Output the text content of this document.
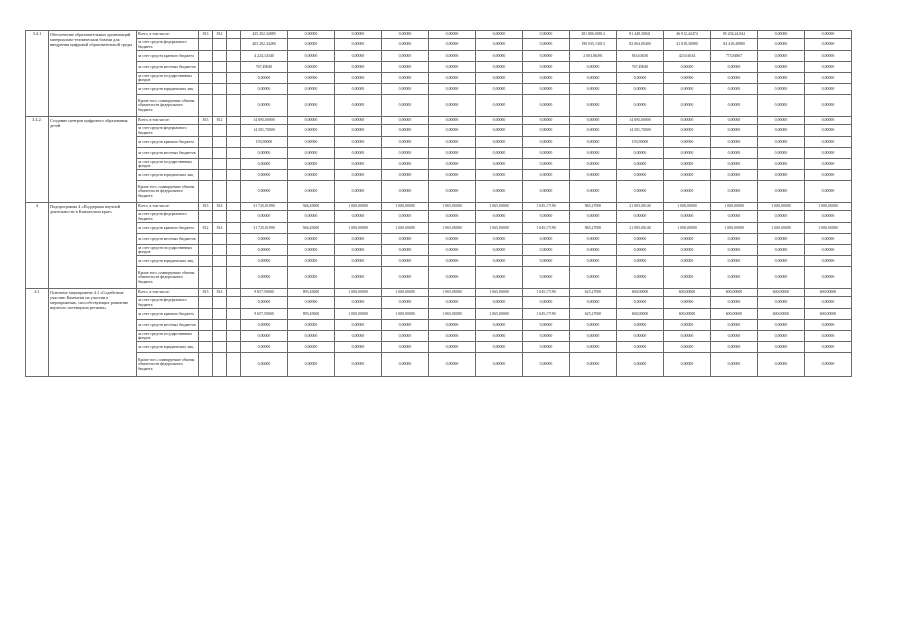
3.4.1	Обеспечение образовательных организаций материально-техническим базами для внедрения цифровой образовательной среды	Всего, в том числе:	813	812		435 202,34085	0,00000	0,00000	0,00000	0,00000	0,00000	0,00000	281 806,00814	81 448,30841	46 912,42474	85 204,24,842	0,00000	0,00000
		за счет средств федерального бюджета				403 202,34280	0,00000	0,00000	0,00000	0,00000	0,00000	0,00000	190 035,13013	82 064,00400	41 818,30880	84 418,40880	0,00000	0,00000
		за счет средств краевого бюджета				4 224,14340	0,00000	0,00000	0,00000	0,00000	0,00000	0,00000	2 003,86491	816,63030	423,61634	775,84867	0,00000	0,00000
		за счет средств местных бюджетов				767,49640	0,00000	0,00000	0,00000	0,00000	0,00000	0,00000	0,00000	767,49640	0,00000	0,00000	0,00000	0,00000
		за счет средств государственных фондов				0,00000	0,00000	0,00000	0,00000	0,00000	0,00000	0,00000	0,00000	0,00000	0,00000	0,00000	0,00000	0,00000
		за счет средств юридических лиц				0,00000	0,00000	0,00000	0,00000	0,00000	0,00000	0,00000	0,00000	0,00000	0,00000	0,00000	0,00000	0,00000
		Кроме того, планируемые объемы обязательств федерального бюджета				0,00000	0,00000	0,00000	0,00000	0,00000	0,00000	0,00000	0,00000	0,00000	0,00000	0,00000	0,00000	0,00000
3.4.2.	Создание центров цифрового образования детей	Всего, в том числе:	813	812		14 695,60000	0,00000	0,00000	0,00000	0,00000	0,00000	0,00000	0,00000	14 695,60000	0,00000	0,00000	0,00000	0,00000
		за счет средств федерального бюджета				14 501,70000	0,00000	0,00000	0,00000	0,00000	0,00000	0,00000	0,00000	14 501,70000	0,00000	0,00000	0,00000	0,00000
		за счет средств краевого бюджета				193,90000	0,00000	0,00000	0,00000	0,00000	0,00000	0,00000	0,00000	193,90000	0,00000	0,00000	0,00000	0,00000
		за счет средств местных бюджетов				0,00000	0,00000	0,00000	0,00000	0,00000	0,00000	0,00000	0,00000	0,00000	0,00000	0,00000	0,00000	0,00000
		за счет средств государственных фондов				0,00000	0,00000	0,00000	0,00000	0,00000	0,00000	0,00000	0,00000	0,00000	0,00000	0,00000	0,00000	0,00000
		за счет средств юридических лиц				0,00000	0,00000	0,00000	0,00000	0,00000	0,00000	0,00000	0,00000	0,00000	0,00000	0,00000	0,00000	0,00000
		Кроме того, планируемые объемы обязательств федерального бюджета				0,00000	0,00000	0,00000	0,00000	0,00000	0,00000	0,00000	0,00000	0,00000	0,00000	0,00000	0,00000	0,00000
4	Подпрограмма 4 «Поддержка научной деятельности в Камчатском крае»	Всего, в том числе:	813	814		31 725,01090	946,45000	1 000,00000	1 000,00000	1 065,00000	1 065,00000	1 045,17190	865,27000	21 083,00140	1 000,00000	1 000,00000	1 000,00000	1 000,00000
		за счет средств федерального бюджета				0,00000	0,00000	0,00000	0,00000	0,00000	0,00000	0,00000	0,00000	0,00000	0,00000	0,00000	0,00000	0,00000
		за счет средств краевого бюджета	812	814		31 725,01090	946,45000	1 000,00000	1 000,00000	1 065,00000	1 065,00000	1 045,17190	865,27000	21 083,00140	1 000,00000	1 000,00000	1 000,00000	1 000,00000
		за счет средств местных бюджетов				0,00000	0,00000	0,00000	0,00000	0,00000	0,00000	0,00000	0,00000	0,00000	0,00000	0,00000	0,00000	0,00000
		за счет средств государственных фондов				0,00000	0,00000	0,00000	0,00000	0,00000	0,00000	0,00000	0,00000	0,00000	0,00000	0,00000	0,00000	0,00000
		за счет средств юридических лиц				0,00000	0,00000	0,00000	0,00000	0,00000	0,00000	0,00000	0,00000	0,00000	0,00000	0,00000	0,00000	0,00000
		Кроме того, планируемые объемы обязательств федерального бюджета				0,00000	0,00000	0,00000	0,00000	0,00000	0,00000	0,00000	0,00000	0,00000	0,00000	0,00000	0,00000	0,00000
4.1	Основное мероприятие 4.1 «Содействие участию Камчатки на участии в мероприятиях, способствующих развитию научного потенциала региона»	Всего, в том числе:	813	814		9 657,50000	895,45000	1 000,00000	1 000,00000	1 065,00000	1 065,00000	1 045,17190	625,27000	600,00000	600,00000	600,00000	600,00000	600,00000
		за счет средств федерального бюджета				0,00000	0,00000	0,00000	0,00000	0,00000	0,00000	0,00000	0,00000	0,00000	0,00000	0,00000	0,00000	0,00000
		за счет средств краевого бюджета				9 657,50000	895,45000	1 000,00000	1 000,00000	1 065,00000	1 065,00000	1 045,17190	625,27000	600,00000	600,00000	600,00000	600,00000	600,00000
		за счет средств местных бюджетов				0,00000	0,00000	0,00000	0,00000	0,00000	0,00000	0,00000	0,00000	0,00000	0,00000	0,00000	0,00000	0,00000
		за счет средств государственных фондов				0,00000	0,00000	0,00000	0,00000	0,00000	0,00000	0,00000	0,00000	0,00000	0,00000	0,00000	0,00000	0,00000
		за счет средств юридических лиц				0,00000	0,00000	0,00000	0,00000	0,00000	0,00000	0,00000	0,00000	0,00000	0,00000	0,00000	0,00000	0,00000
		Кроме того, планируемые объемы обязательств федерального бюджета				0,00000	0,00000	0,00000	0,00000	0,00000	0,00000	0,00000	0,00000	0,00000	0,00000	0,00000	0,00000	0,00000
